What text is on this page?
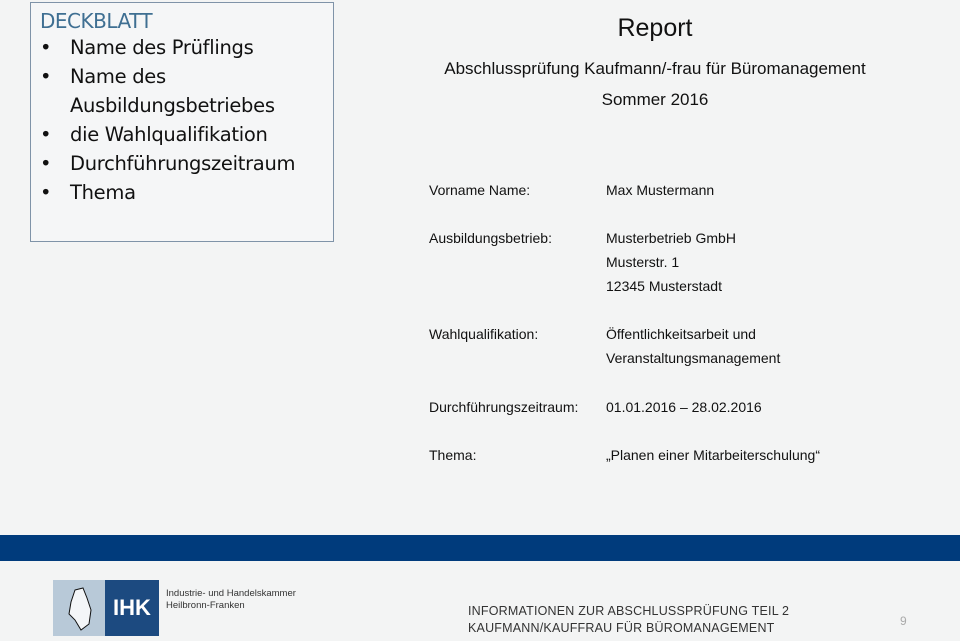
DECKBLATT
• Name des Prüflings
• Name des Ausbildungsbetriebes
• die Wahlqualifikation
• Durchführungszeitraum
• Thema
Report
Abschlussprüfung Kaufmann/-frau für Büromanagement
Sommer 2016
Vorname Name:	Max Mustermann
Ausbildungsbetrieb:	Musterbetrieb GmbH
Musterstr. 1
12345 Musterstadt
Wahlqualifikation:	Öffentlichkeitsarbeit und
Veranstaltungsmanagement
Durchführungszeitraum: 01.01.2016 – 28.02.2016
Thema:	„Planen einer Mitarbeiterschulung“
IHK
Industrie- und Handelskammer
Heilbronn-Franken	INFORMATIONEN ZUR ABSCHLUSSPRÜFUNG TEIL 2
KAUFMANN/KAUFFRAU FÜR BÜROMANAGEMENT	9
